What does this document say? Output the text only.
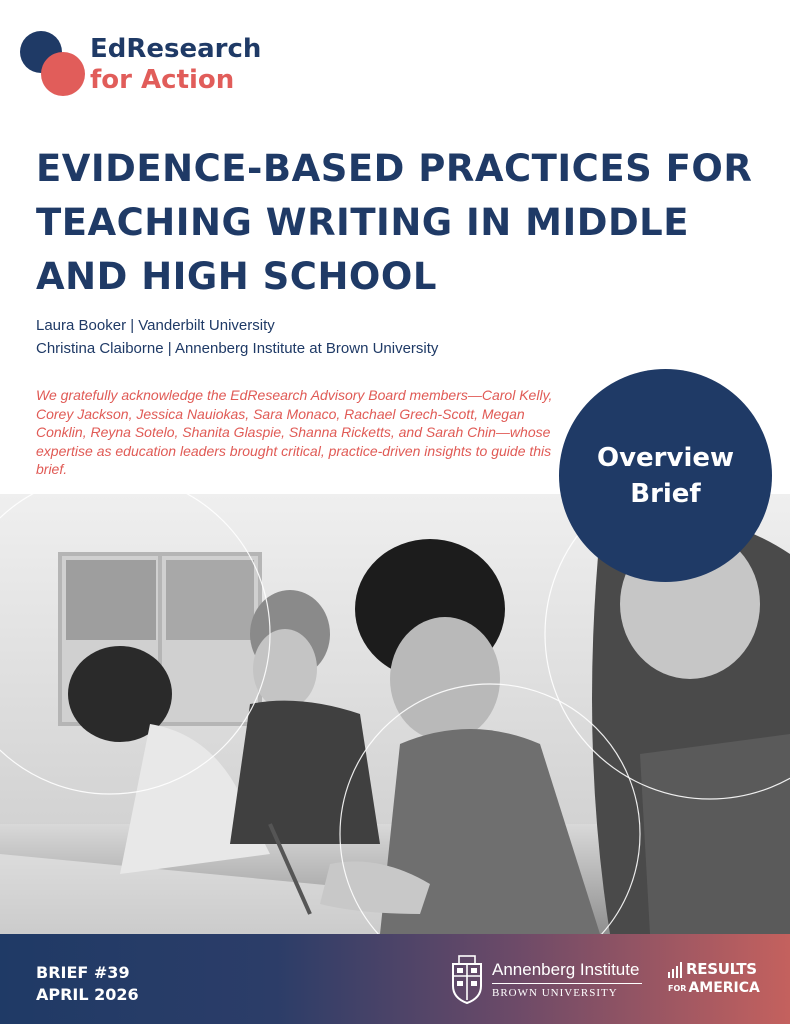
EdResearch
for Action
EVIDENCE-BASED PRACTICES FOR
TEACHING WRITING IN MIDDLE
AND HIGH SCHOOL
Laura Booker | Vanderbilt University
Christina Claiborne | Annenberg Institute at Brown University

We gratefully acknowledge the EdResearch Advisory Board members—Carol Kelly, Corey Jackson, Jessica Nauiokas, Sara Monaco, Rachael Grech-Scott, Megan Conklin, Reyna Sotelo, Shanita Glaspie, Shanna Ricketts, and Sarah Chin—whose expertise as education leaders brought critical, practice-driven insights to guide this brief.	Overview
Brief
BRIEF #39
APRIL 2026
Annenberg Institute
BROWN UNIVERSITY
RESULTS
FOR AMERICA
